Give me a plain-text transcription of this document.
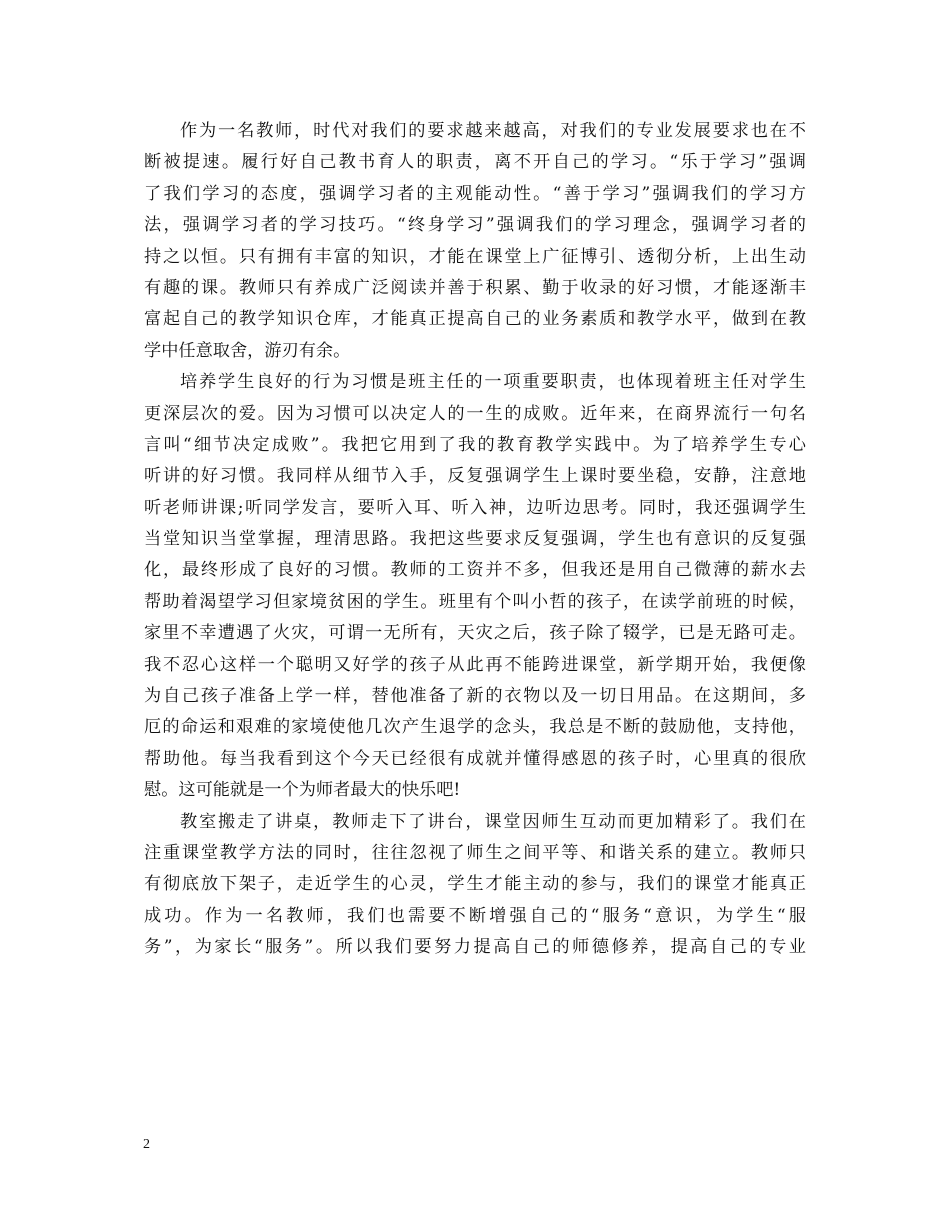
作为一名教师，时代对我们的要求越来越高，对我们的专业发展要求也在不
断被提速。履行好自己教书育人的职责，离不开自己的学习。“乐于学习”强调
了我们学习的态度，强调学习者的主观能动性。“善于学习”强调我们的学习方
法，强调学习者的学习技巧。“终身学习”强调我们的学习理念，强调学习者的
持之以恒。只有拥有丰富的知识，才能在课堂上广征博引、透彻分析，上出生动
有趣的课。教师只有养成广泛阅读并善于积累、勤于收录的好习惯，才能逐渐丰
富起自己的教学知识仓库，才能真正提高自己的业务素质和教学水平，做到在教
学中任意取舍，游刃有余。
培养学生良好的行为习惯是班主任的一项重要职责，也体现着班主任对学生
更深层次的爱。因为习惯可以决定人的一生的成败。近年来，在商界流行一句名
言叫“细节决定成败”。我把它用到了我的教育教学实践中。为了培养学生专心
听讲的好习惯。我同样从细节入手，反复强调学生上课时要坐稳，安静，注意地
听老师讲课;听同学发言，要听入耳、听入神，边听边思考。同时，我还强调学生
当堂知识当堂掌握，理清思路。我把这些要求反复强调，学生也有意识的反复强
化，最终形成了良好的习惯。教师的工资并不多，但我还是用自己微薄的薪水去
帮助着渴望学习但家境贫困的学生。班里有个叫小哲的孩子，在读学前班的时候，
家里不幸遭遇了火灾，可谓一无所有，天灾之后，孩子除了辍学，已是无路可走。
我不忍心这样一个聪明又好学的孩子从此再不能跨进课堂，新学期开始，我便像
为自己孩子准备上学一样，替他准备了新的衣物以及一切日用品。在这期间，多
厄的命运和艰难的家境使他几次产生退学的念头，我总是不断的鼓励他，支持他，
帮助他。每当我看到这个今天已经很有成就并懂得感恩的孩子时，心里真的很欣
慰。这可能就是一个为师者最大的快乐吧!
教室搬走了讲桌，教师走下了讲台，课堂因师生互动而更加精彩了。我们在
注重课堂教学方法的同时，往往忽视了师生之间平等、和谐关系的建立。教师只
有彻底放下架子，走近学生的心灵，学生才能主动的参与，我们的课堂才能真正
成功。作为一名教师，我们也需要不断增强自己的“服务“意识，为学生“服
务”，为家长“服务”。所以我们要努力提高自己的师德修养，提高自己的专业
2
